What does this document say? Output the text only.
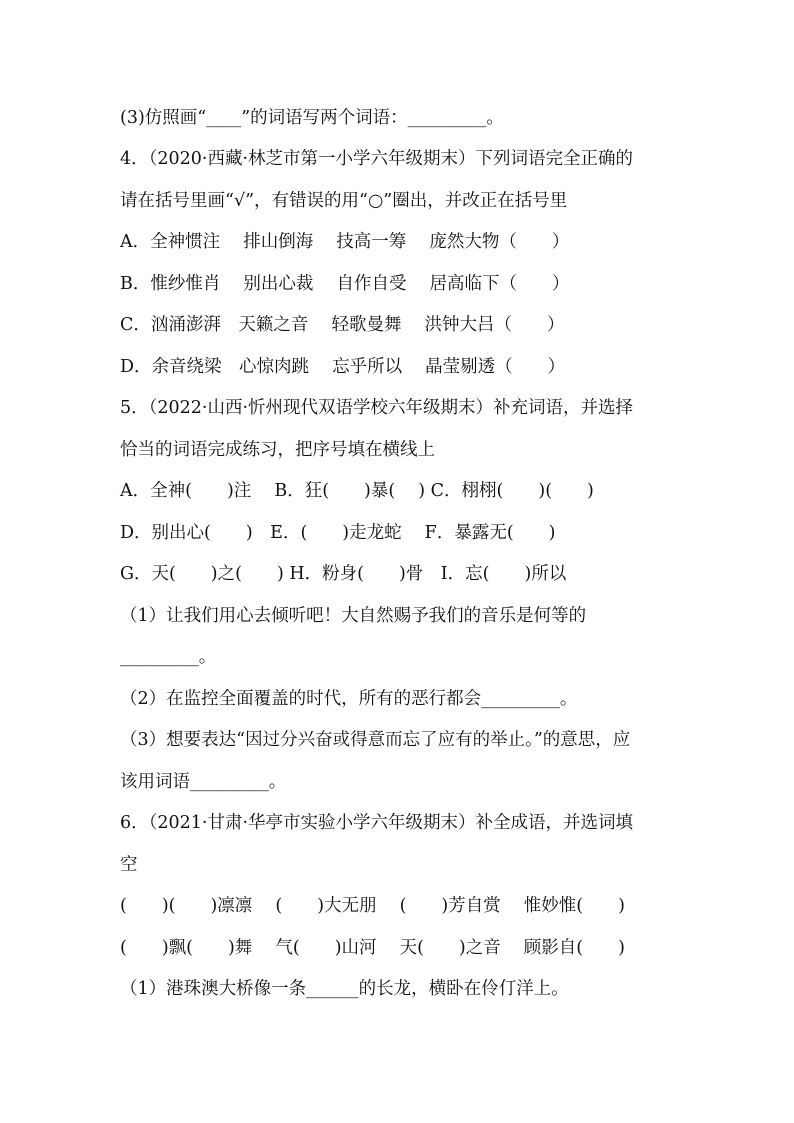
(3)仿照画“____”的词语写两个词语：_________。
4．（2020·西藏·林芝市第一小学六年级期末）下列词语完全正确的
请在括号里画“√”，有错误的用“○”圈出，并改正在括号里
A．全神惯注　 排山倒海　 技高一筹　 庞然大物（　　）
B．惟纱惟肖　 别出心裁　 自作自受　 居高临下（　　）
C．汹涌澎湃　天籁之音　 轻歌曼舞　 洪钟大吕（　　）
D．余音绕梁　心惊肉跳　 忘乎所以　 晶莹剔透（　　）
5．（2022·山西·忻州现代双语学校六年级期末）补充词语，并选择
恰当的词语完成练习，把序号填在横线上
A．全神(　　)注　 B．狂(　　)暴(　 ) C．栩栩(　　)(　　)
D．别出心(　　)　E．(　　)走龙蛇　 F．暴露无(　　)
G．天(　　)之(　　) H．粉身(　　)骨　I．忘(　　)所以
（1）让我们用心去倾听吧！大自然赐予我们的音乐是何等的
_________。
（2）在监控全面覆盖的时代，所有的恶行都会_________。
（3）想要表达“因过分兴奋或得意而忘了应有的举止。”的意思，应
该用词语_________。
6．（2021·甘肃·华亭市实验小学六年级期末）补全成语，并选词填
空
(　　)(　　)凛凛　 (　　)大无朋　 (　　)芳自赏　 惟妙惟(　　)
(　　)飘(　　)舞　 气(　　)山河　 天(　　)之音　 顾影自(　　)
（1）港珠澳大桥像一条______的长龙，横卧在伶仃洋上。
